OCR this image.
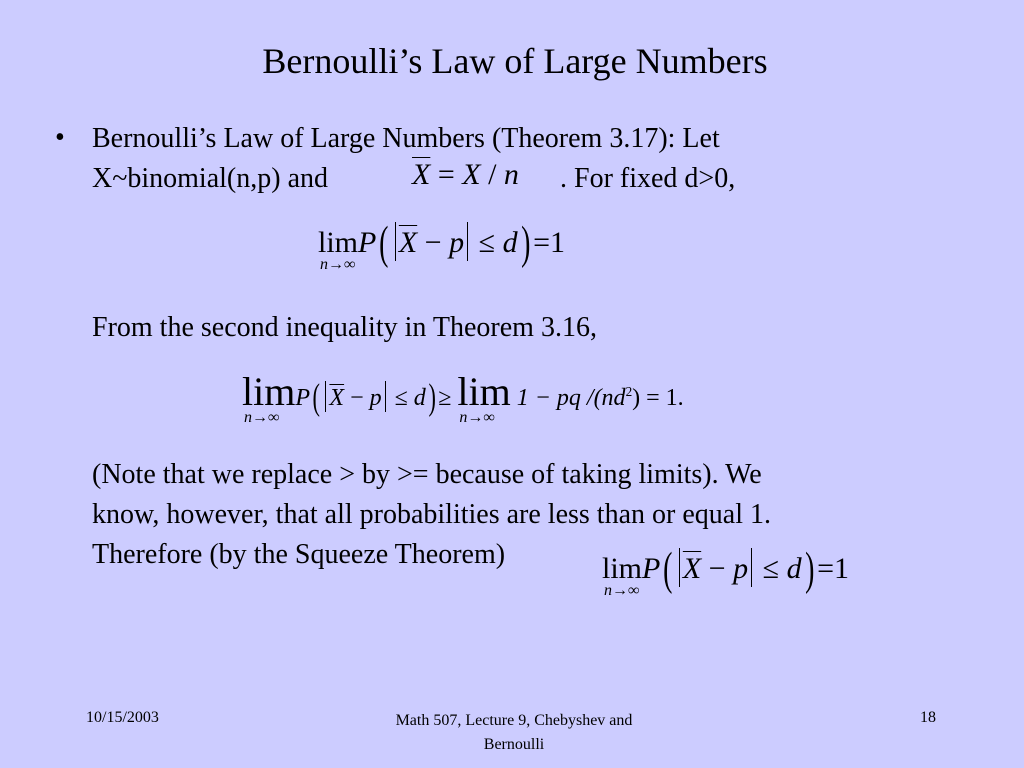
Bernoulli’s Law of Large Numbers
• Bernoulli’s Law of Large Numbers (Theorem 3.17): Let
X~binomial(n,p) and	. For fixed d>0,
$\overline{X} = X / n$
lim
n→∞
P( $\overline{X} - p \le d) =1$
From the second inequality in Theorem 3.16,
lim
n→∞
P( $\overline{X} - p \le d) \ge \lim$
n→∞
1 − pq $/(nd^2) = 1$.
(Note that we replace > by >= because of taking limits). We
know, however, that all probabilities are less than or equal 1.
Therefore (by the Squeeze Theorem)	lim
n→∞
P( $\overline{X} - p \le d) =1$
10/15/2003	Math 507, Lecture 9, Chebyshev and
Bernoulli
18
